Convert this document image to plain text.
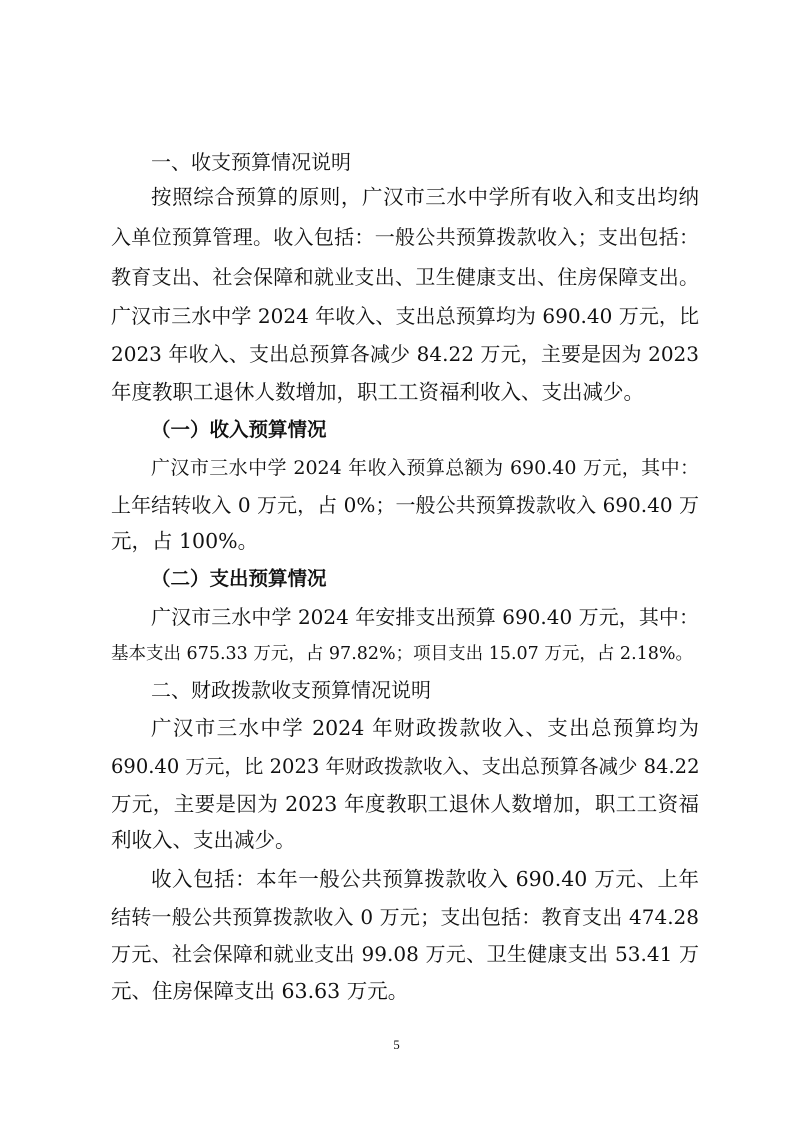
一、收支预算情况说明
按照综合预算的原则，广汉市三水中学所有收入和支出均纳
入单位预算管理。收入包括：一般公共预算拨款收入；支出包括：
教育支出、社会保障和就业支出、卫生健康支出、住房保障支出。
广汉市三水中学 2024 年收入、支出总预算均为 690.40 万元，比
2023 年收入、支出总预算各减少 84.22 万元，主要是因为 2023
年度教职工退休人数增加，职工工资福利收入、支出减少。
（一）收入预算情况
广汉市三水中学 2024 年收入预算总额为 690.40 万元，其中：
上年结转收入 0 万元，占 0%；一般公共预算拨款收入 690.40 万
元，占 100%。
（二）支出预算情况
广汉市三水中学 2024 年安排支出预算 690.40 万元，其中：
基本支出 675.33 万元，占 97.82%；项目支出 15.07 万元，占 2.18%。
二、财政拨款收支预算情况说明
广汉市三水中学 2024 年财政拨款收入、支出总预算均为
690.40 万元，比 2023 年财政拨款收入、支出总预算各减少 84.22
万元，主要是因为 2023 年度教职工退休人数增加，职工工资福
利收入、支出减少。
收入包括：本年一般公共预算拨款收入 690.40 万元、上年
结转一般公共预算拨款收入 0 万元；支出包括：教育支出 474.28
万元、社会保障和就业支出 99.08 万元、卫生健康支出 53.41 万
元、住房保障支出 63.63 万元。
5
